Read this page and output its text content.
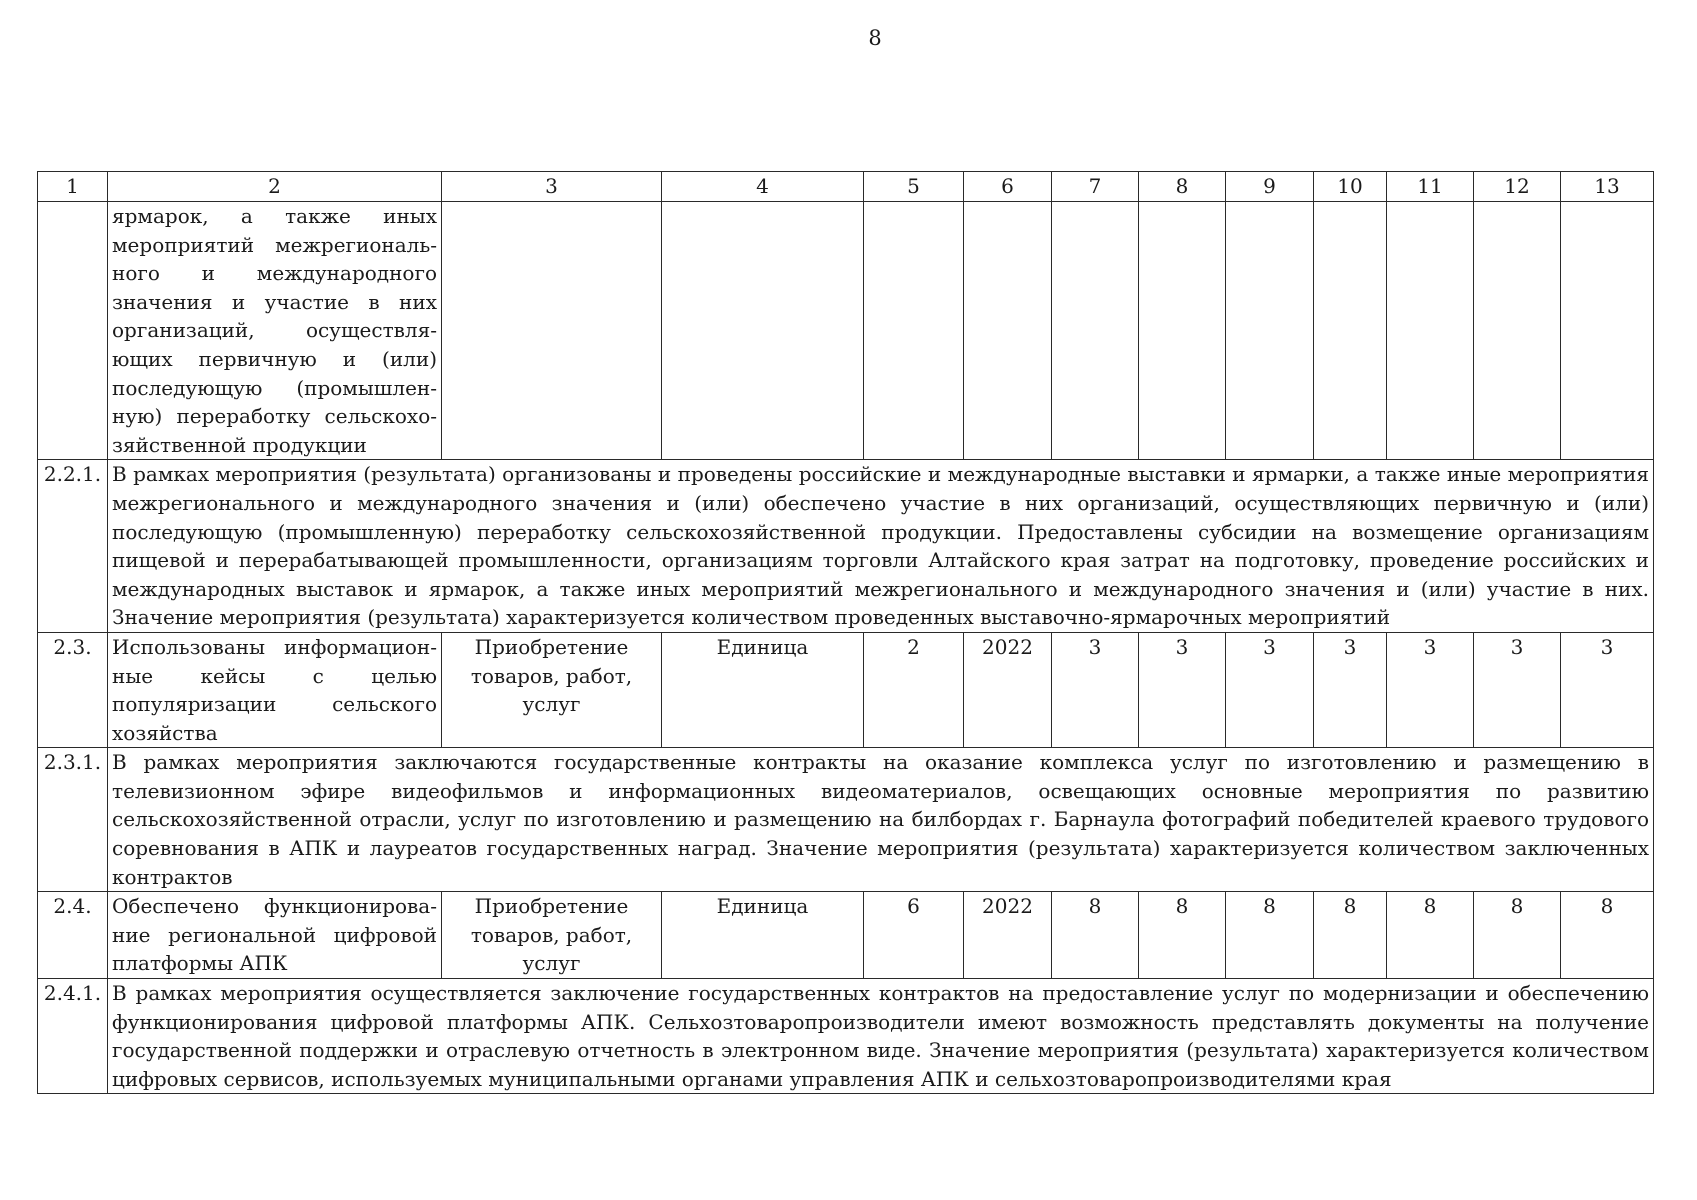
8
1	2	3	4	5	6	7	8	9	10	11	12	13
	ярмарок, а также иных мероприятий межрегионального и международного значения и участие в них организаций, осуществляющих первичную и (или) последующую (промышленную) переработку сельскохозяйственной продукции											
2.2.1.	В рамках мероприятия (результата) организованы и проведены российские и международные выставки и ярмарки, а также иные мероприятия межрегионального и международного значения и (или) обеспечено участие в них организаций, осуществляющих первичную и (или) последующую (промышленную) переработку сельскохозяйственной продукции. Предоставлены субсидии на возмещение организациям пищевой и перерабатывающей промышленности, организациям торговли Алтайского края затрат на подготовку, проведение российских и международных выставок и ярмарок, а также иных мероприятий межрегионального и международного значения и (или) участие в них. Значение мероприятия (результата) характеризуется количеством проведенных выставочно-ярмарочных мероприятий											
2.3.	Использованы информационные кейсы с целью популяризации сельского хозяйства	Приобретение товаров, работ, услуг	Единица	2	2022	3	3	3	3	3	3	3
2.3.1.	В рамках мероприятия заключаются государственные контракты на оказание комплекса услуг по изготовлению и размещению в телевизионном эфире видеофильмов и информационных видеоматериалов, освещающих основные мероприятия по развитию сельскохозяйственной отрасли, услуг по изготовлению и размещению на билбордах г. Барнаула фотографий победителей краевого трудового соревнования в АПК и лауреатов государственных наград. Значение мероприятия (результата) характеризуется количеством заключенных контрактов											
2.4.	Обеспечено функционирование региональной цифровой платформы АПК	Приобретение товаров, работ, услуг	Единица	6	2022	8	8	8	8	8	8	8
2.4.1.	В рамках мероприятия осуществляется заключение государственных контрактов на предоставление услуг по модернизации и обеспечению функционирования цифровой платформы АПК. Сельхозтоваропроизводители имеют возможность представлять документы на получение государственной поддержки и отраслевую отчетность в электронном виде. Значение мероприятия (результата) характеризуется количеством цифровых сервисов, используемых муниципальными органами управления АПК и сельхозтоваропроизводителями края											
